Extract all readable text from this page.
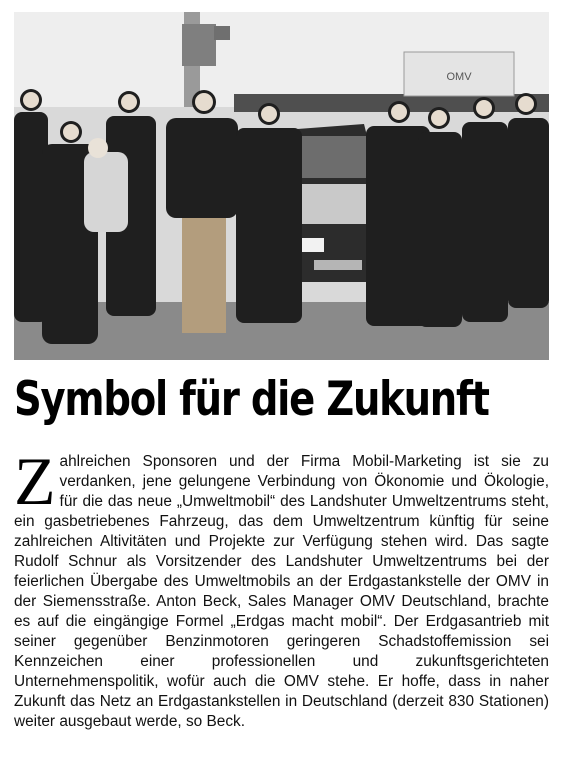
OMV
Symbol für die Zukunft

Zahlreichen Sponsoren und der Firma Mobil-Marketing ist sie zu verdanken, jene gelungene Verbindung von Ökonomie und Ökologie, für die das neue „Umweltmobil“ des Landshuter Umweltzentrums steht, ein gasbetriebenes Fahrzeug, das dem Umweltzentrum künftig für seine zahlreichen Altivitäten und Projekte zur Verfügung stehen wird. Das sagte Rudolf Schnur als Vorsitzender des Landshuter Umweltzentrums bei der feierlichen Übergabe des Umweltmobils an der Erdgastankstelle der OMV in der Siemensstraße. Anton Beck, Sales Manager OMV Deutschland, brachte es auf die eingängige Formel „Erdgas macht mobil“. Der Erdgasantrieb mit seiner gegenüber Benzinmotoren geringeren Schadstoffemission sei Kennzeichen einer professionellen und zukunftsgerichteten Unternehmenspolitik, wofür auch die OMV stehe. Er hoffe, dass in naher Zukunft das Netz an Erdgastankstellen in Deutschland (derzeit 830 Stationen) weiter ausgebaut werde, so Beck.
